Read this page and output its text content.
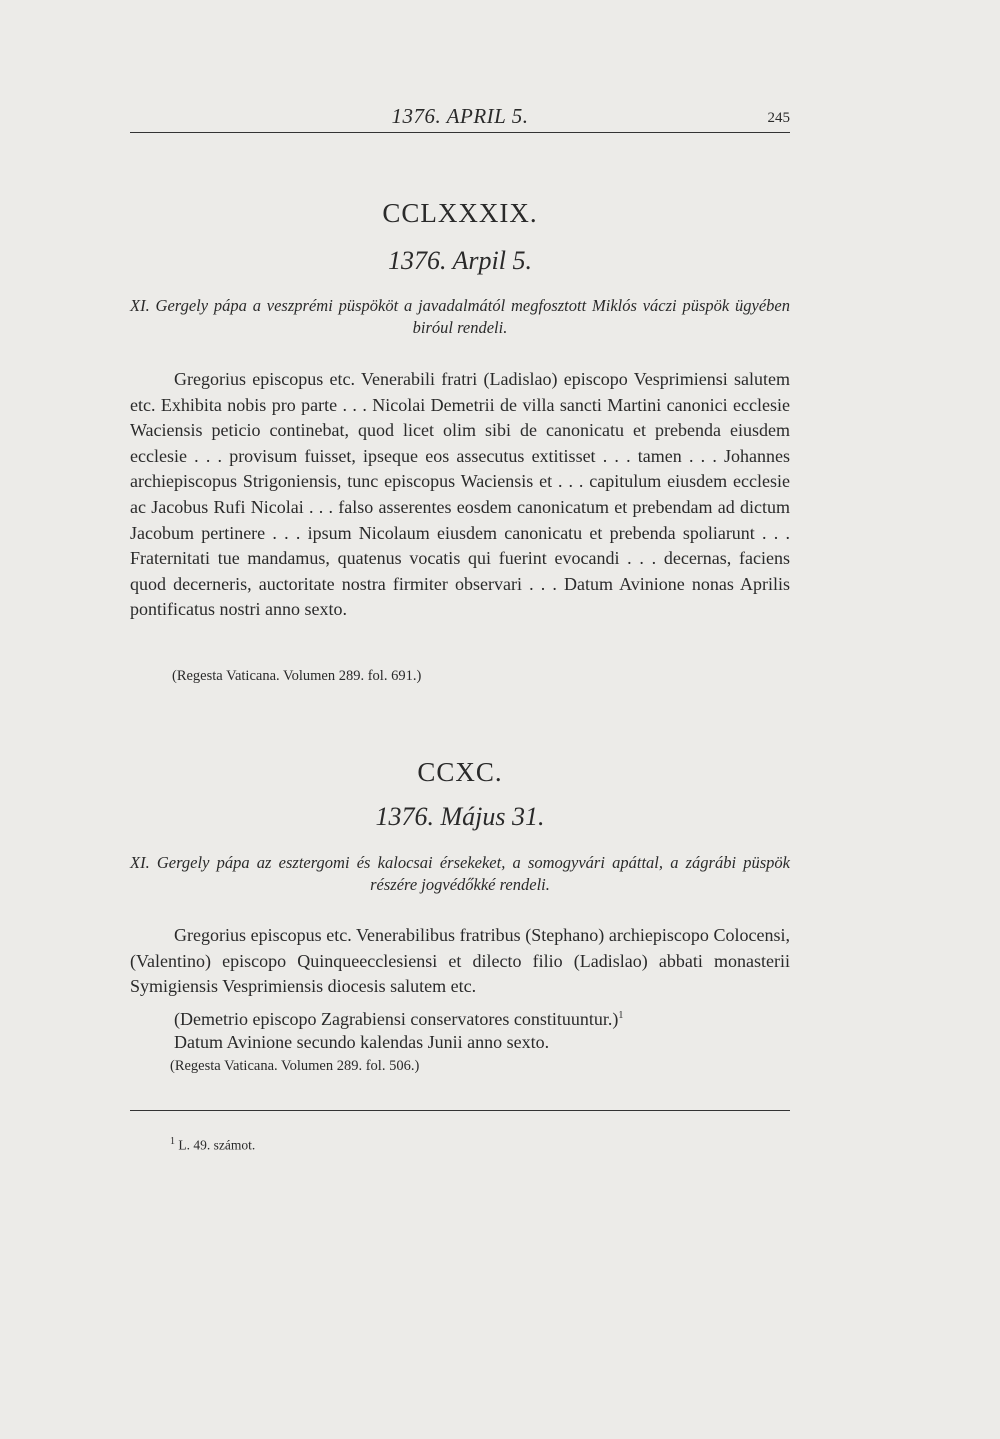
1376. APRIL 5.	245
CCLXXXIX.
1376. Arpil 5.
XI. Gergely pápa a veszprémi püspököt a javadalmától megfosztott Miklós váczi püspök ügyében biróul rendeli.
Gregorius episcopus etc. Venerabili fratri (Ladislao) episcopo Vesprimiensi salutem etc. Exhibita nobis pro parte . . . Nicolai Demetrii de villa sancti Martini canonici ecclesie Waciensis peticio continebat, quod licet olim sibi de canonicatu et prebenda eiusdem ecclesie . . . provisum fuisset, ipseque eos assecutus extitisset . . . tamen . . . Johannes archiepiscopus Strigoniensis, tunc episcopus Waciensis et . . . capitulum eiusdem ecclesie ac Jacobus Rufi Nicolai . . . falso asserentes eosdem canonicatum et prebendam ad dictum Jacobum pertinere . . . ipsum Nicolaum eiusdem canonicatu et prebenda spoliarunt . . . Fraternitati tue mandamus, quatenus vocatis qui fuerint evocandi . . . decernas, faciens quod decerneris, auctoritate nostra firmiter observari . . . Datum Avinione nonas Aprilis pontificatus nostri anno sexto.
(Regesta Vaticana. Volumen 289. fol. 691.)
CCXC.
1376. Május 31.
XI. Gergely pápa az esztergomi és kalocsai érsekeket, a somogyvári apáttal, a zágrábi püspök részére jogvédőkké rendeli.
Gregorius episcopus etc. Venerabilibus fratribus (Stephano) archiepiscopo Colocensi, (Valentino) episcopo Quinqueecclesiensi et dilecto filio (Ladislao) abbati monasterii Symigiensis Vesprimiensis diocesis salutem etc.
(Demetrio episcopo Zagrabiensi conservatores constituuntur.)$^1$
Datum Avinione secundo kalendas Junii anno sexto.
(Regesta Vaticana. Volumen 289. fol. 506.)
$^1$ L. 49. számot.
